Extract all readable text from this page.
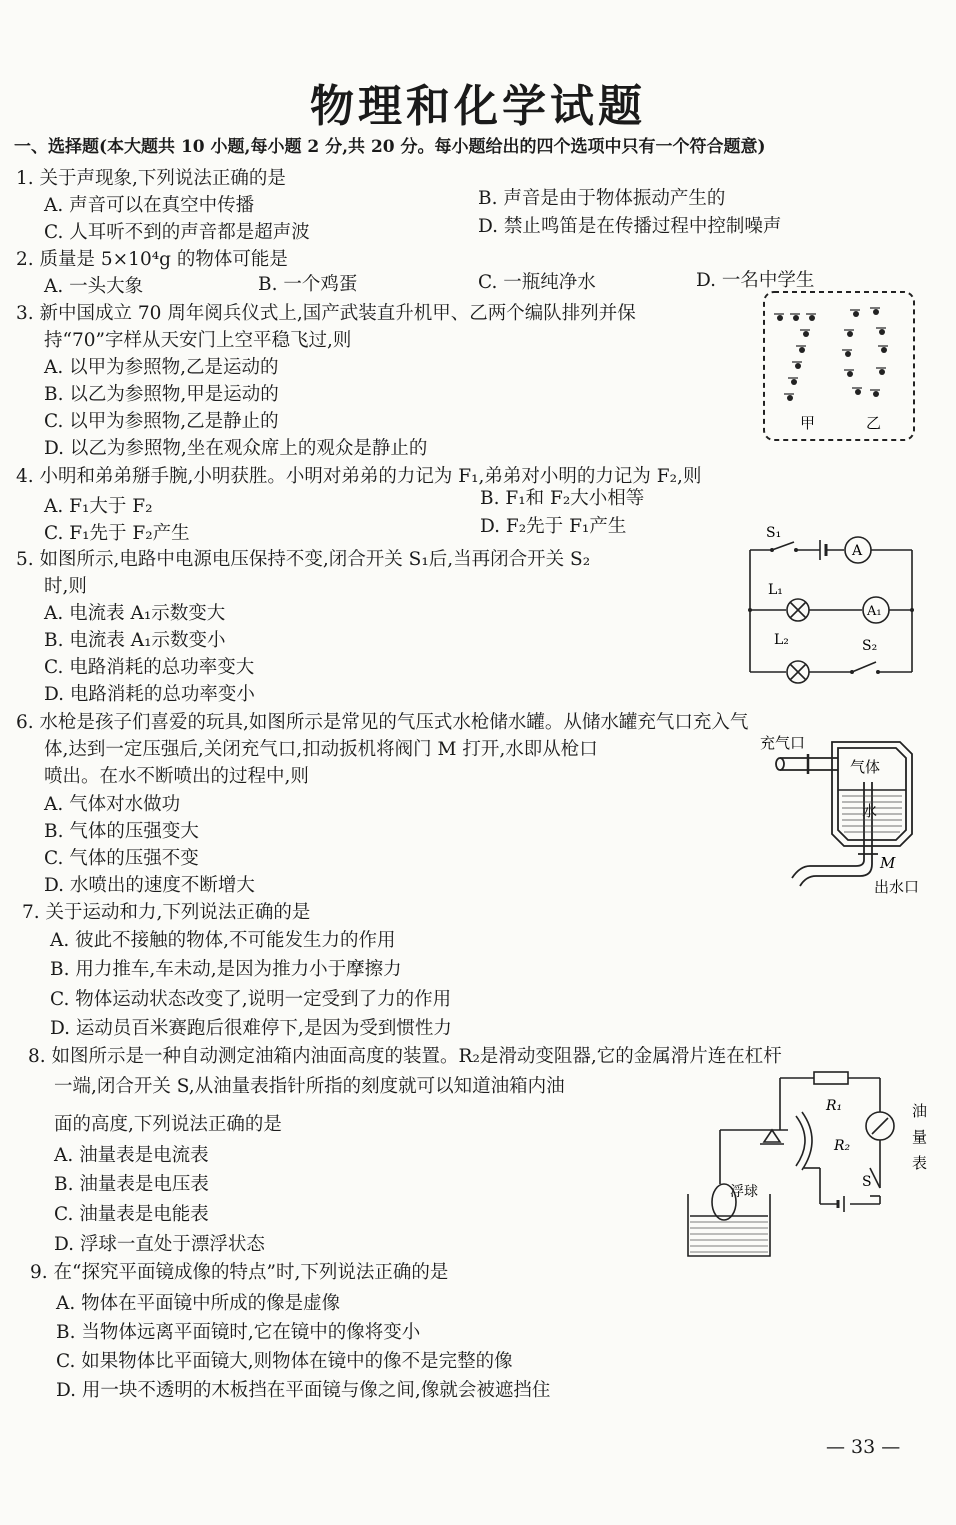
物理和化学试题
一、选择题(本大题共 10 小题,每小题 2 分,共 20 分。每小题给出的四个选项中只有一个符合题意)
1. 关于声现象,下列说法正确的是
A. 声音可以在真空中传播	B. 声音是由于物体振动产生的
C. 人耳听不到的声音都是超声波	D. 禁止鸣笛是在传播过程中控制噪声
2. 质量是 5×10⁴g 的物体可能是
A. 一头大象	B. 一个鸡蛋	C. 一瓶纯净水	D. 一名中学生
3. 新中国成立 70 周年阅兵仪式上,国产武装直升机甲、乙两个编队排列并保
持“70”字样从天安门上空平稳飞过,则
A. 以甲为参照物,乙是运动的
B. 以乙为参照物,甲是运动的
C. 以甲为参照物,乙是静止的
D. 以乙为参照物,坐在观众席上的观众是静止的
4. 小明和弟弟掰手腕,小明获胜。小明对弟弟的力记为 F₁,弟弟对小明的力记为 F₂,则
A. F₁大于 F₂	B. F₁和 F₂大小相等
C. F₁先于 F₂产生	D. F₂先于 F₁产生
5. 如图所示,电路中电源电压保持不变,闭合开关 S₁后,当再闭合开关 S₂
时,则
A. 电流表 A₁示数变大
B. 电流表 A₁示数变小
C. 电路消耗的总功率变大
D. 电路消耗的总功率变小
6. 水枪是孩子们喜爱的玩具,如图所示是常见的气压式水枪储水罐。从储水罐充气口充入气
体,达到一定压强后,关闭充气口,扣动扳机将阀门 M 打开,水即从枪口
喷出。在水不断喷出的过程中,则
A. 气体对水做功
B. 气体的压强变大
C. 气体的压强不变
D. 水喷出的速度不断增大
7. 关于运动和力,下列说法正确的是
A. 彼此不接触的物体,不可能发生力的作用
B. 用力推车,车未动,是因为推力小于摩擦力
C. 物体运动状态改变了,说明一定受到了力的作用
D. 运动员百米赛跑后很难停下,是因为受到惯性力
8. 如图所示是一种自动测定油箱内油面高度的装置。R₂是滑动变阻器,它的金属滑片连在杠杆
一端,闭合开关 S,从油量表指针所指的刻度就可以知道油箱内油
面的高度,下列说法正确的是
A. 油量表是电流表
B. 油量表是电压表
C. 油量表是电能表
D. 浮球一直处于漂浮状态
9. 在“探究平面镜成像的特点”时,下列说法正确的是
A. 物体在平面镜中所成的像是虚像
B. 当物体远离平面镜时,它在镜中的像将变小
C. 如果物体比平面镜大,则物体在镜中的像不是完整的像
D. 用一块不透明的木板挡在平面镜与像之间,像就会被遮挡住
甲	乙
S₁
A
L₁
A₁
L₂	S₂
充气口
气体
水
M
出水口
R₁
R₂
S
浮球
油
量
表
— 33 —
